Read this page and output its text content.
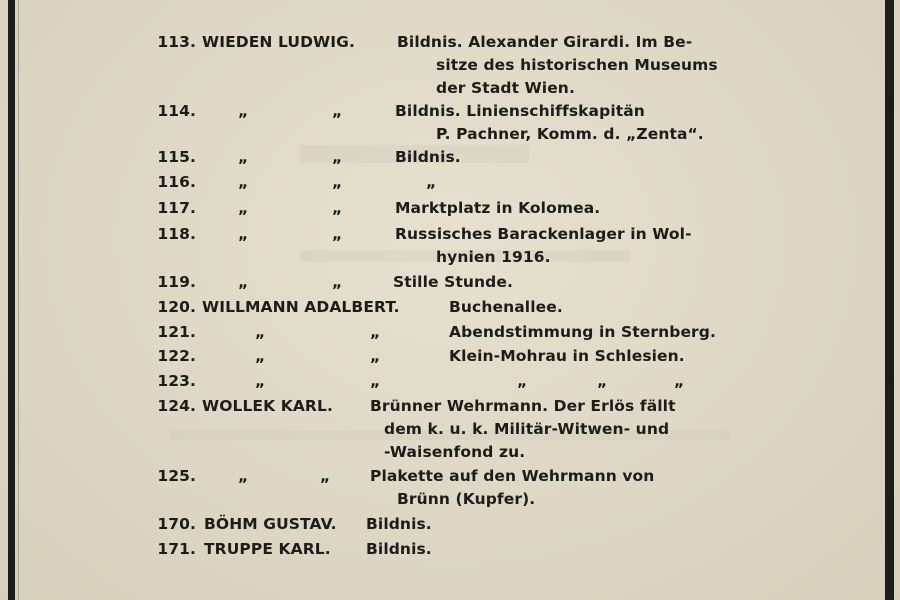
113. WIEDEN LUDWIG.	Bildnis. Alexander Girardi. Im Be-
sitze des historischen Museums
der Stadt Wien.
114.	„	„	Bildnis. Linienschiffskapitän
P. Pachner, Komm. d. „Zenta“.
115.	„	„	Bildnis.
116.	„	„	„
117.	„	„	Marktplatz in Kolomea.
118.	„	„	Russisches Barackenlager in Wol-
hynien 1916.
119.	„	„	Stille Stunde.
120. WILLMANN ADALBERT.	Buchenallee.
121.	„	„	Abendstimmung in Sternberg.
122.	„	„	Klein-Mohrau in Schlesien.
123.	„	„	„	„	„
124. WOLLEK KARL. Brünner Wehrmann. Der Erlös fällt
dem k. u. k. Militär-Witwen- und
-Waisenfond zu.
125.	„	„	Plakette auf den Wehrmann von
Brünn (Kupfer).
170. BÖHM GUSTAV. Bildnis.
171. TRUPPE KARL. Bildnis.
